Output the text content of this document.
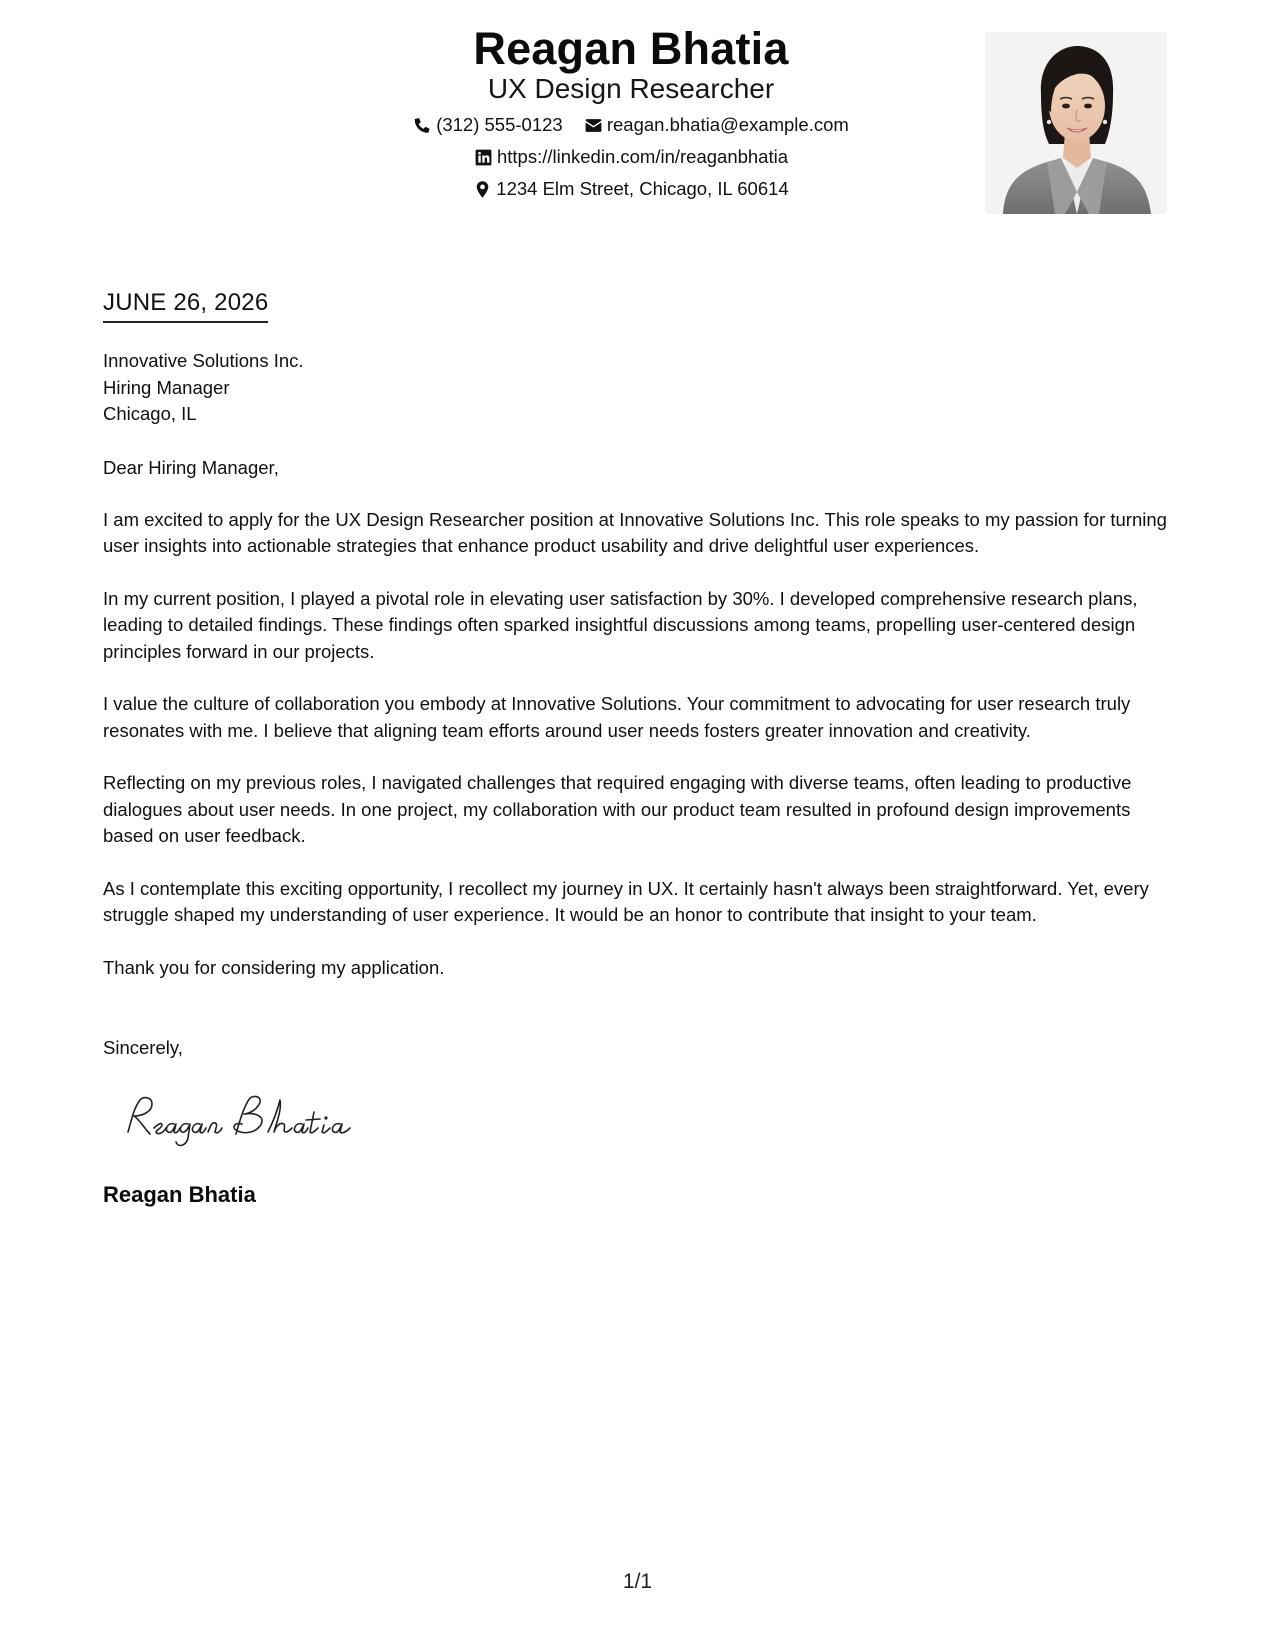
Reagan Bhatia
UX Design Researcher
(312) 555-0123
reagan.bhatia@example.com
https://linkedin.com/in/reaganbhatia
1234 Elm Street, Chicago, IL 60614
JUNE 26, 2026
Innovative Solutions Inc.
Hiring Manager
Chicago, IL

Dear Hiring Manager,

I am excited to apply for the UX Design Researcher position at Innovative Solutions Inc. This role speaks to my passion for turning user insights into actionable strategies that enhance product usability and drive delightful user experiences.

In my current position, I played a pivotal role in elevating user satisfaction by 30%. I developed comprehensive research plans, leading to detailed findings. These findings often sparked insightful discussions among teams, propelling user-centered design principles forward in our projects.

I value the culture of collaboration you embody at Innovative Solutions. Your commitment to advocating for user research truly resonates with me. I believe that aligning team efforts around user needs fosters greater innovation and creativity.

Reflecting on my previous roles, I navigated challenges that required engaging with diverse teams, often leading to productive dialogues about user needs. In one project, my collaboration with our product team resulted in profound design improvements based on user feedback.

As I contemplate this exciting opportunity, I recollect my journey in UX. It certainly hasn't always been straightforward. Yet, every struggle shaped my understanding of user experience. It would be an honor to contribute that insight to your team.

Thank you for considering my application.

Sincerely,
Reagan Bhatia
1/1
